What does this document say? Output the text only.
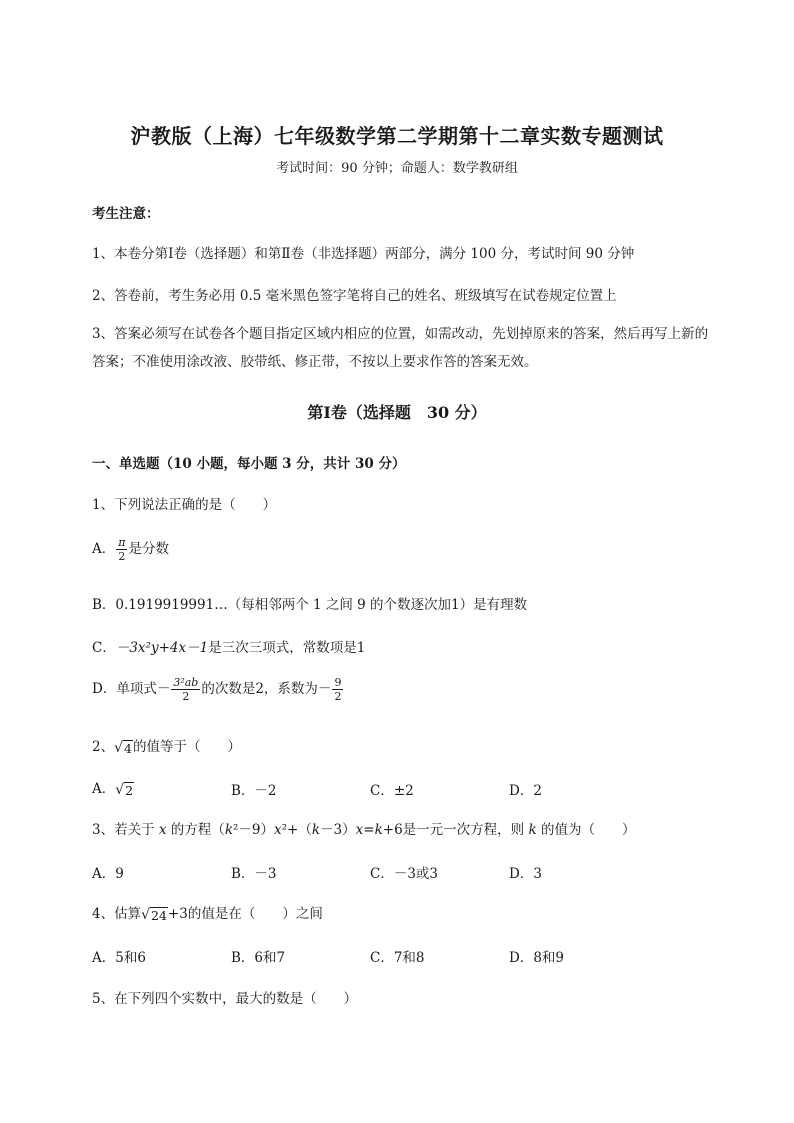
沪教版（上海）七年级数学第二学期第十二章实数专题测试
考试时间：90 分钟；命题人：数学教研组
考生注意：
1、本卷分第Ⅰ卷（选择题）和第Ⅱ卷（非选择题）两部分，满分 100 分，考试时间 90 分钟
2、答卷前，考生务必用 0.5 毫米黑色签字笔将自己的姓名、班级填写在试卷规定位置上
3、答案必须写在试卷各个题目指定区域内相应的位置，如需改动，先划掉原来的答案，然后再写上新的答案；不准使用涂改液、胶带纸、修正带，不按以上要求作答的答案无效。
第Ⅰ卷（选择题　30 分）
一、单选题（10 小题，每小题 3 分，共计 30 分）
1、下列说法正确的是（　　）
A． $\frac{\pi}{2}$ 是分数
B．0.1919919991…（每相邻两个 1 之间 9 的个数逐次加1）是有理数
C．－3x²y+4x－1是三次三项式，常数项是1
D．单项式－ $\frac{\text{3²ab}}{2}$ 的次数是2，系数为－ $\frac{9}{2}$
2、 √ 4 的值等于（　　）
A． √ 2	B．－2	C．±2	D．2
3、若关于 x 的方程（k²－9）x²+（k－3）x=k+6是一元一次方程，则 k 的值为（　　）
A．9	B．－3	C．－3或3	D．3
4、估算 √ 24 +3的值是在（　　）之间
A．5和6	B．6和7	C．7和8	D．8和9
5、在下列四个实数中，最大的数是（　　）
